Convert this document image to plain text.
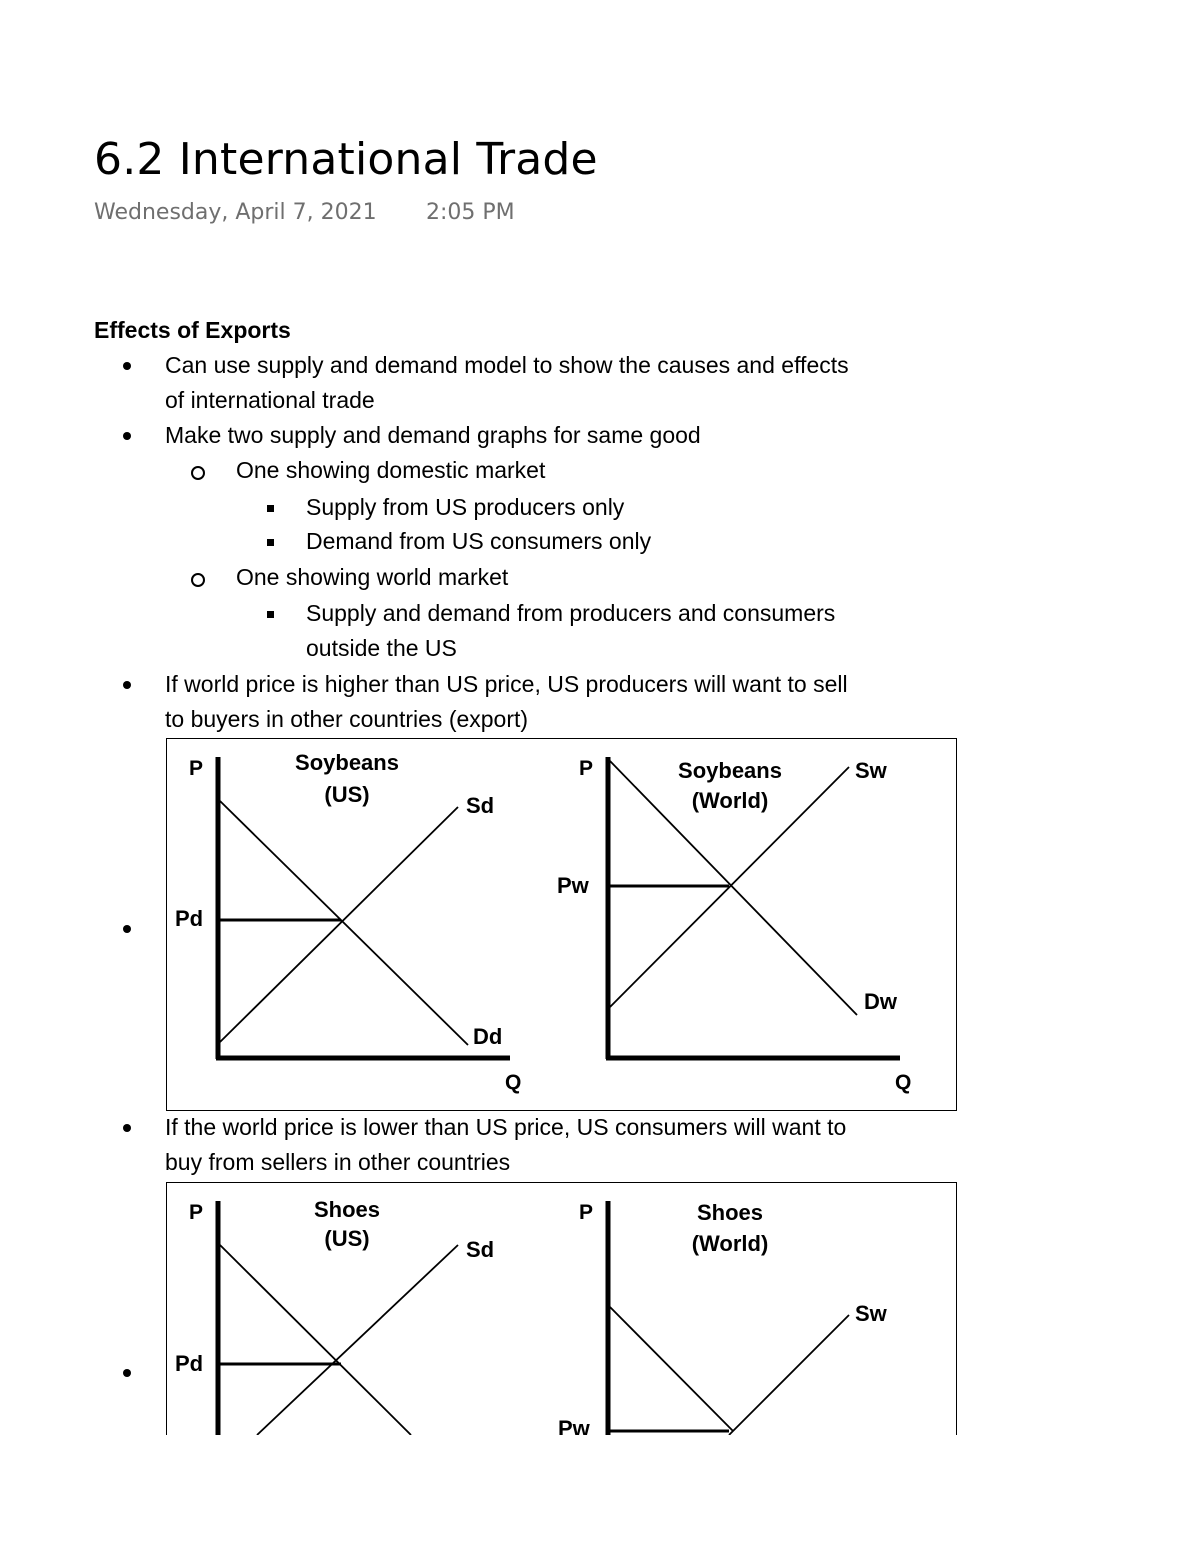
6.2 International Trade
Wednesday, April 7, 2021 2:05 PM
Effects of Exports
Can use supply and demand model to show the causes and effects
of international trade
Make two supply and demand graphs for same good
One showing domestic market
Supply from US producers only
Demand from US consumers only
One showing world market
Supply and demand from producers and consumers
outside the US
If world price is higher than US price, US producers will want to sell
to buyers in other countries (export)
P	Soybeans
(US)	Sd
Dd
Pd
Q
P	Soybeans
(World)
Sw
Dw
Pw
Q
If the world price is lower than US price, US consumers will want to
buy from sellers in other countries
P	Shoes
(US)	Sd
Pd
P	Shoes
(World)
Sw
Pw
